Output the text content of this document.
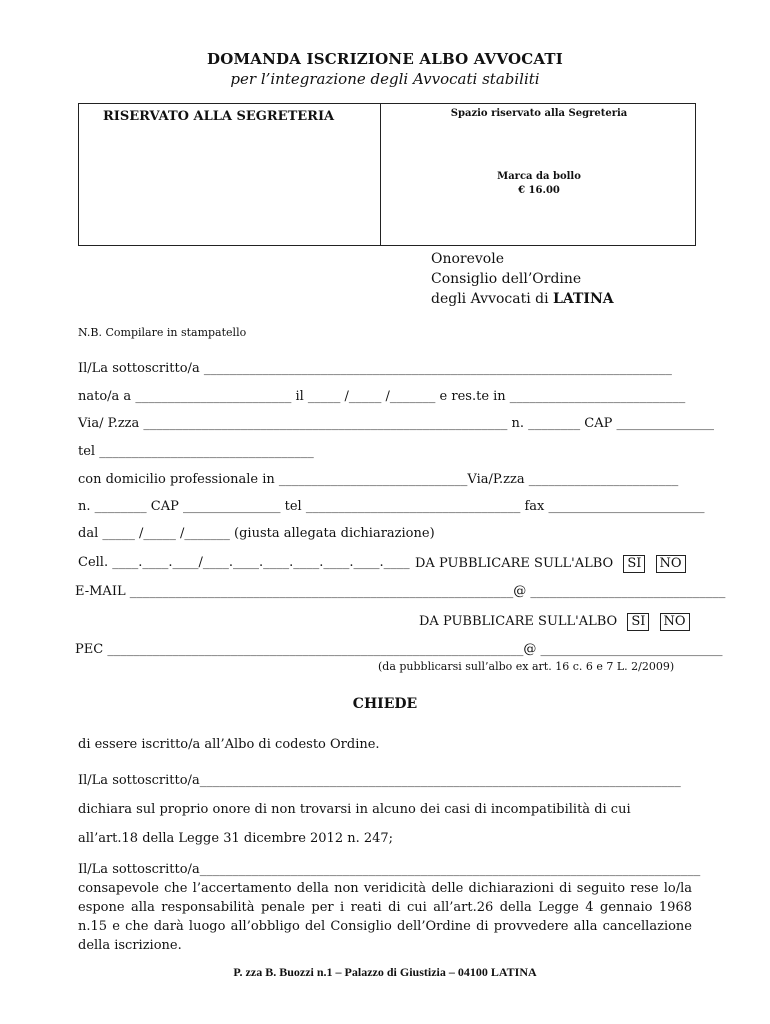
DOMANDA ISCRIZIONE ALBO AVVOCATI
per l’integrazione degli Avvocati stabiliti
RISERVATO ALLA SEGRETERIA	Spazio riservato alla Segreteria
Marca da bollo
€ 16.00
Onorevole
Consiglio dell’Ordine
degli Avvocati di LATINA
N.B. Compilare in stampatello
Il/La sottoscritto/a ________________________________________________________________________
nato/a a ________________________ il _____ /_____ /_______ e res.te in ___________________________
Via/ P.zza ________________________________________________________ n. ________ CAP _______________
tel _________________________________
con domicilio professionale in _____________________________Via/P.zza _______________________
n. ________ CAP _______________ tel _________________________________ fax ________________________
dal _____ /_____ /_______ (giusta allegata dichiarazione)
Cell. ____.____.____/____.____.____.____.____.____.____ DA PUBBLICARE SULL'ALBO SI NO
E-MAIL ___________________________________________________________@ ______________________________
DA PUBBLICARE SULL'ALBO SI NO
PEC ________________________________________________________________@ ____________________________
(da pubblicarsi sull’albo ex art. 16 c. 6 e 7 L. 2/2009)
CHIEDE
di essere iscritto/a all’Albo di codesto Ordine.
Il/La sottoscritto/a__________________________________________________________________________
dichiara sul proprio onore di non trovarsi in alcuno dei casi di incompatibilità di cui
all’art.18 della Legge 31 dicembre 2012 n. 247;
Il/La sottoscritto/a_____________________________________________________________________________
consapevole che l’accertamento della non veridicità delle dichiarazioni di seguito rese lo/la espone alla responsabilità penale per i reati di cui all’art.26 della Legge 4 gennaio 1968 n.15 e che darà luogo all’obbligo del Consiglio dell’Ordine di provvedere alla cancellazione della iscrizione.
P. zza B. Buozzi n.1 – Palazzo di Giustizia – 04100 LATINA
